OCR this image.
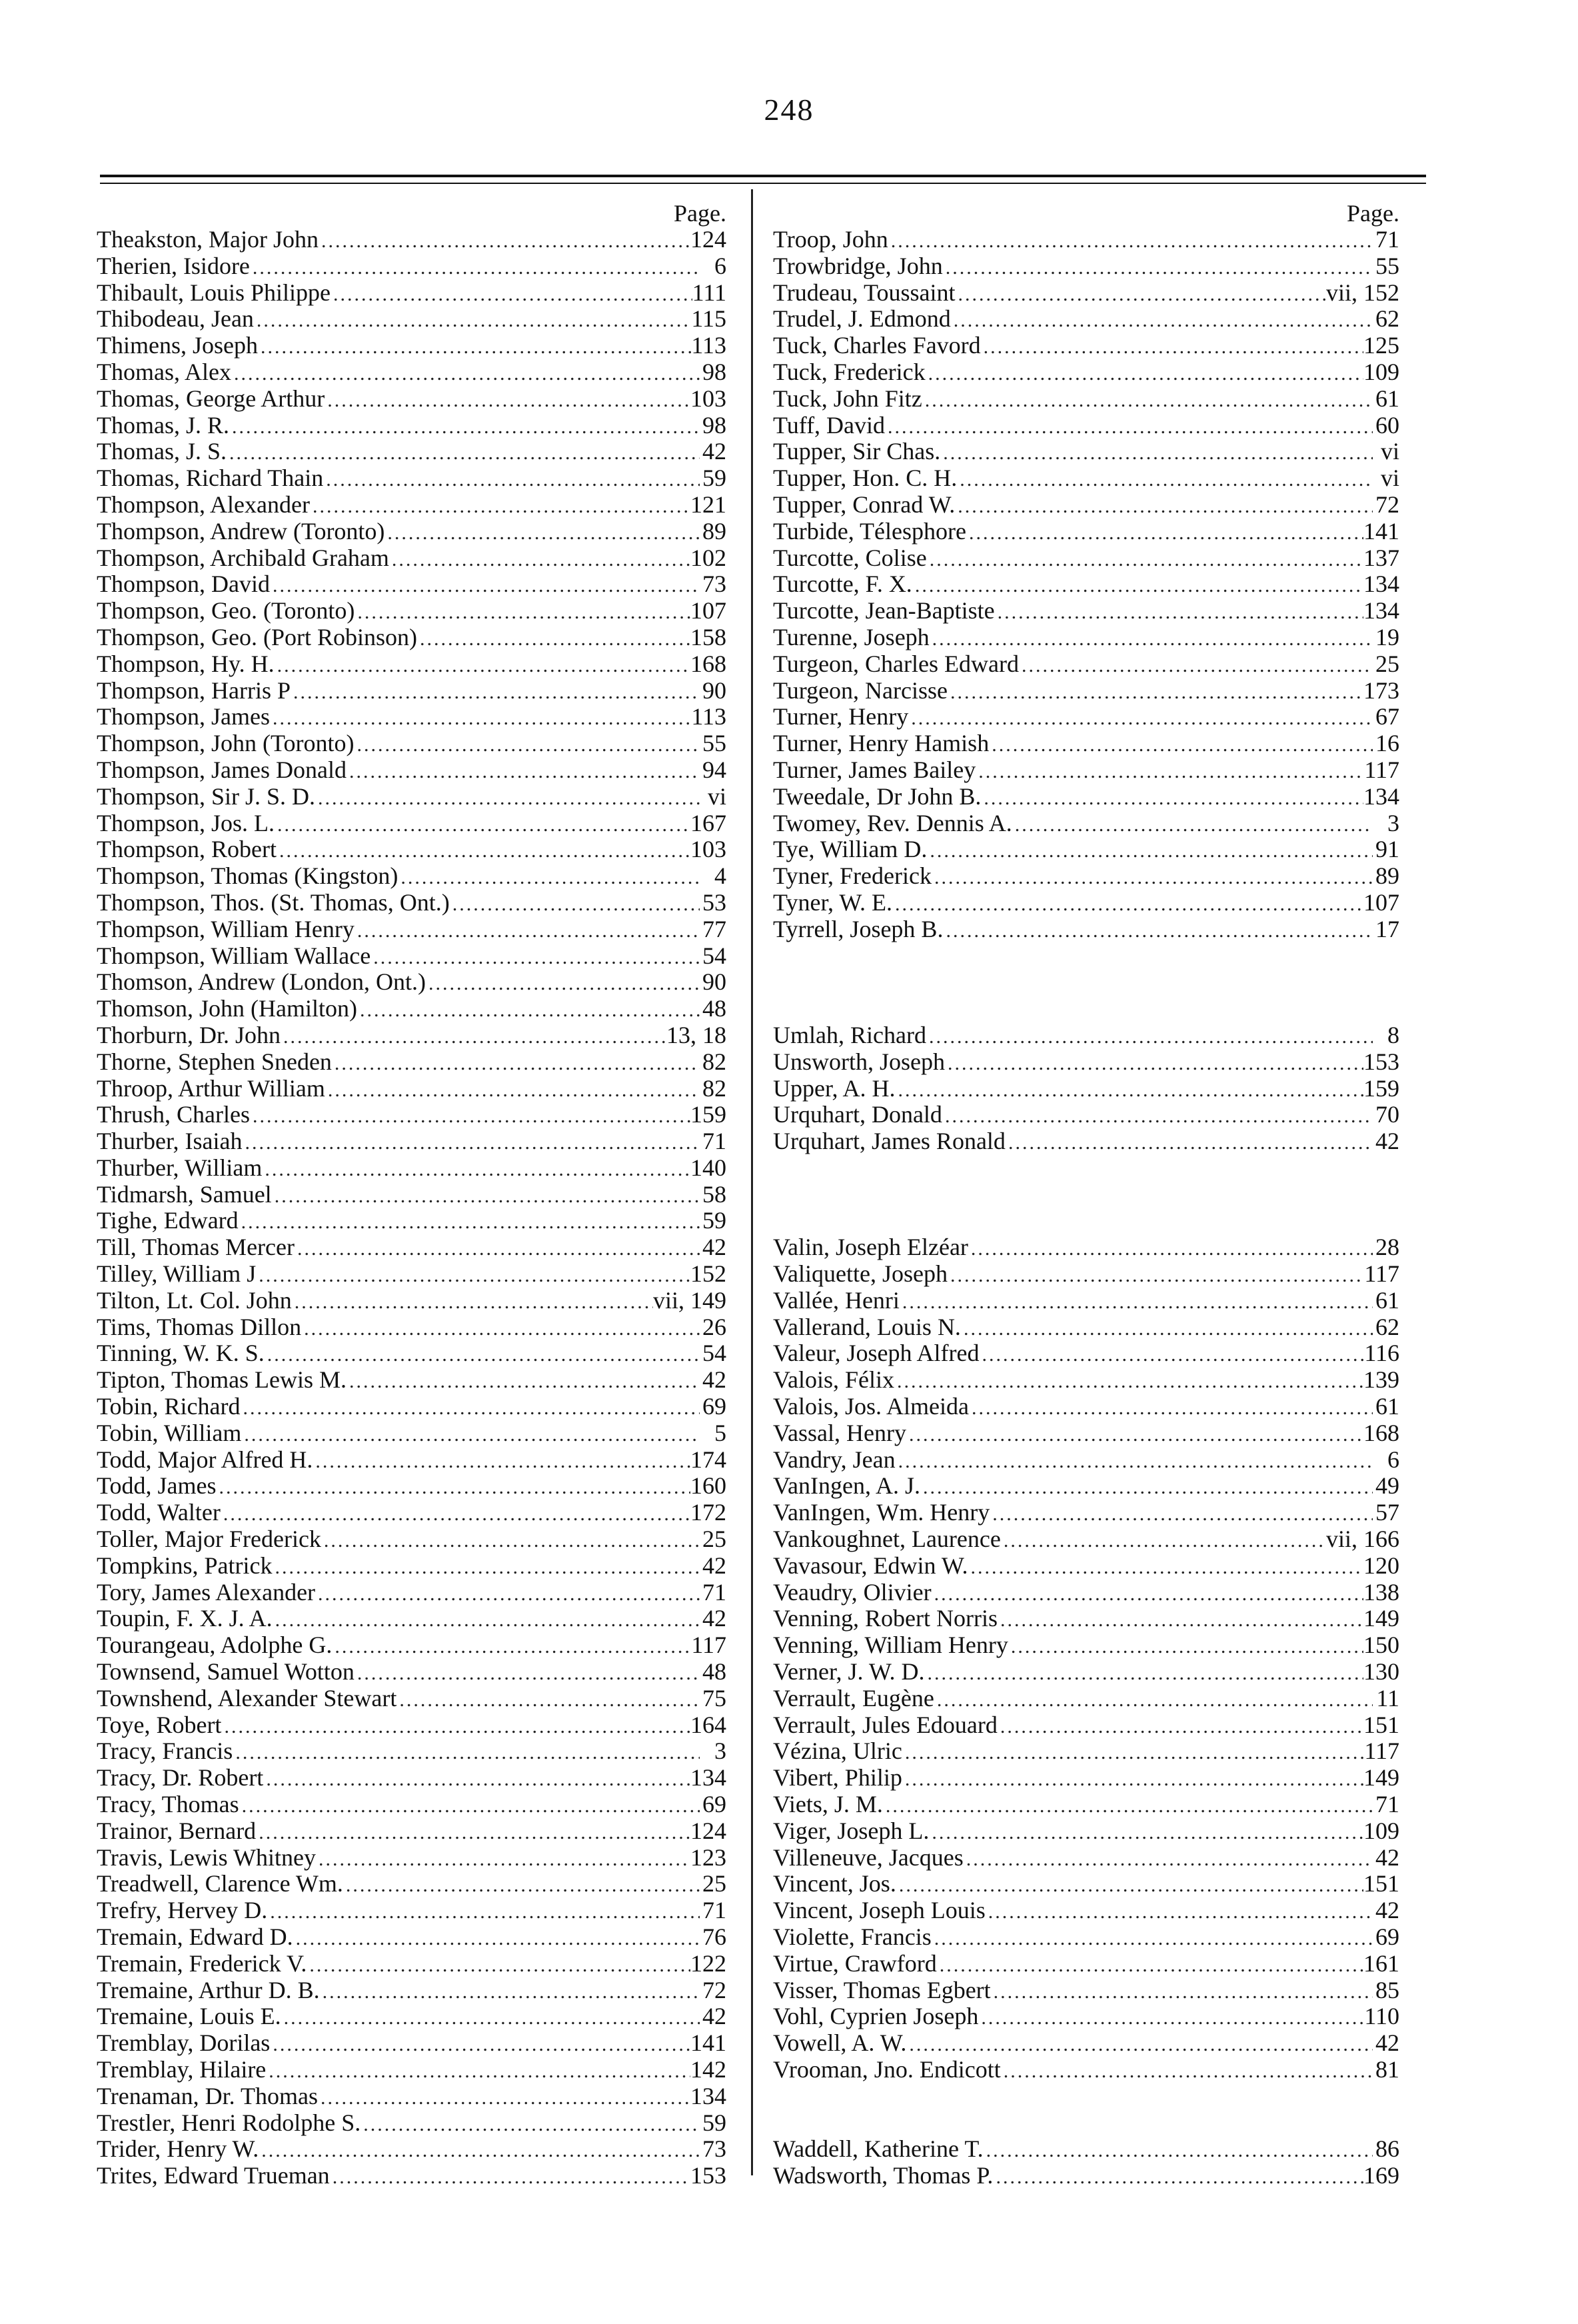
248
Page.
Theakston, Major John .....	124
Therien, Isidore .....	6
Thibault, Louis Philippe .....	111
Thibodeau, Jean .....	115
Thimens, Joseph .....	113
Thomas, Alex .....	98
Thomas, George Arthur .....	103
Thomas, J. R. .....	98
Thomas, J. S. .....	42
Thomas, Richard Thain .....	59
Thompson, Alexander .....	121
Thompson, Andrew (Toronto) .....	89
Thompson, Archibald Graham .....	102
Thompson, David .....	73
Thompson, Geo. (Toronto) .....	107
Thompson, Geo. (Port Robinson) .....	158
Thompson, Hy. H. .....	168
Thompson, Harris P .....	90
Thompson, James .....	113
Thompson, John (Toronto) .....	55
Thompson, James Donald .....	94
Thompson, Sir J. S. D. .....	vi
Thompson, Jos. L. .....	167
Thompson, Robert .....	103
Thompson, Thomas (Kingston) .....	4
Thompson, Thos. (St. Thomas, Ont.) .....	53
Thompson, William Henry .....	77
Thompson, William Wallace .....	54
Thomson, Andrew (London, Ont.) .....	90
Thomson, John (Hamilton) .....	48
Thorburn, Dr. John .....	13, 18
Thorne, Stephen Sneden .....	82
Throop, Arthur William .....	82
Thrush, Charles .....	159
Thurber, Isaiah .....	71
Thurber, William .....	140
Tidmarsh, Samuel .....	58
Tighe, Edward .....	59
Till, Thomas Mercer .....	42
Tilley, William J .....	152
Tilton, Lt. Col. John .....	vii, 149
Tims, Thomas Dillon .....	26
Tinning, W. K. S. .....	54
Tipton, Thomas Lewis M. .....	42
Tobin, Richard .....	69
Tobin, William .....	5
Todd, Major Alfred H. .....	174
Todd, James .....	160
Todd, Walter .....	172
Toller, Major Frederick .....	25
Tompkins, Patrick .....	42
Tory, James Alexander .....	71
Toupin, F. X. J. A. .....	42
Tourangeau, Adolphe G. .....	117
Townsend, Samuel Wotton .....	48
Townshend, Alexander Stewart .....	75
Toye, Robert .....	164
Tracy, Francis .....	3
Tracy, Dr. Robert .....	134
Tracy, Thomas .....	69
Trainor, Bernard .....	124
Travis, Lewis Whitney .....	123
Treadwell, Clarence Wm. .....	25
Trefry, Hervey D. .....	71
Tremain, Edward D. .....	76
Tremain, Frederick V. .....	122
Tremaine, Arthur D. B. .....	72
Tremaine, Louis E. .....	42
Tremblay, Dorilas .....	141
Tremblay, Hilaire .....	142
Trenaman, Dr. Thomas .....	134
Trestler, Henri Rodolphe S. .....	59
Trider, Henry W. .....	73
Trites, Edward Trueman .....	153
Page.
Troop, John .....	71
Trowbridge, John .....	55
Trudeau, Toussaint .....	vii, 152
Trudel, J. Edmond .....	62
Tuck, Charles Favord .....	125
Tuck, Frederick .....	109
Tuck, John Fitz .....	61
Tuff, David .....	60
Tupper, Sir Chas. .....	vi
Tupper, Hon. C. H. .....	vi
Tupper, Conrad W. .....	72
Turbide, Télesphore .....	141
Turcotte, Colise .....	137
Turcotte, F. X. .....	134
Turcotte, Jean-Baptiste .....	134
Turenne, Joseph .....	19
Turgeon, Charles Edward .....	25
Turgeon, Narcisse .....	173
Turner, Henry .....	67
Turner, Henry Hamish .....	16
Turner, James Bailey .....	117
Tweedale, Dr John B. .....	134
Twomey, Rev. Dennis A. .....	3
Tye, William D. .....	91
Tyner, Frederick .....	89
Tyner, W. E. .....	107
Tyrrell, Joseph B. .....	17
Umlah, Richard .....	8
Unsworth, Joseph .....	153
Upper, A. H. .....	159
Urquhart, Donald .....	70
Urquhart, James Ronald .....	42
Valin, Joseph Elzéar .....	28
Valiquette, Joseph .....	117
Vallée, Henri .....	61
Vallerand, Louis N. .....	62
Valeur, Joseph Alfred .....	116
Valois, Félix .....	139
Valois, Jos. Almeida .....	61
Vassal, Henry .....	168
Vandry, Jean .....	6
VanIngen, A. J. .....	49
VanIngen, Wm. Henry .....	57
Vankoughnet, Laurence .....	vii, 166
Vavasour, Edwin W. .....	120
Veaudry, Olivier .....	138
Venning, Robert Norris .....	149
Venning, William Henry .....	150
Verner, J. W. D. .....	130
Verrault, Eugène .....	11
Verrault, Jules Edouard .....	151
Vézina, Ulric .....	117
Vibert, Philip .....	149
Viets, J. M. .....	71
Viger, Joseph L. .....	109
Villeneuve, Jacques .....	42
Vincent, Jos. .....	151
Vincent, Joseph Louis .....	42
Violette, Francis .....	69
Virtue, Crawford .....	161
Visser, Thomas Egbert .....	85
Vohl, Cyprien Joseph .....	110
Vowell, A. W. .....	42
Vrooman, Jno. Endicott .....	81
Waddell, Katherine T. .....	86
Wadsworth, Thomas P. .....	169
